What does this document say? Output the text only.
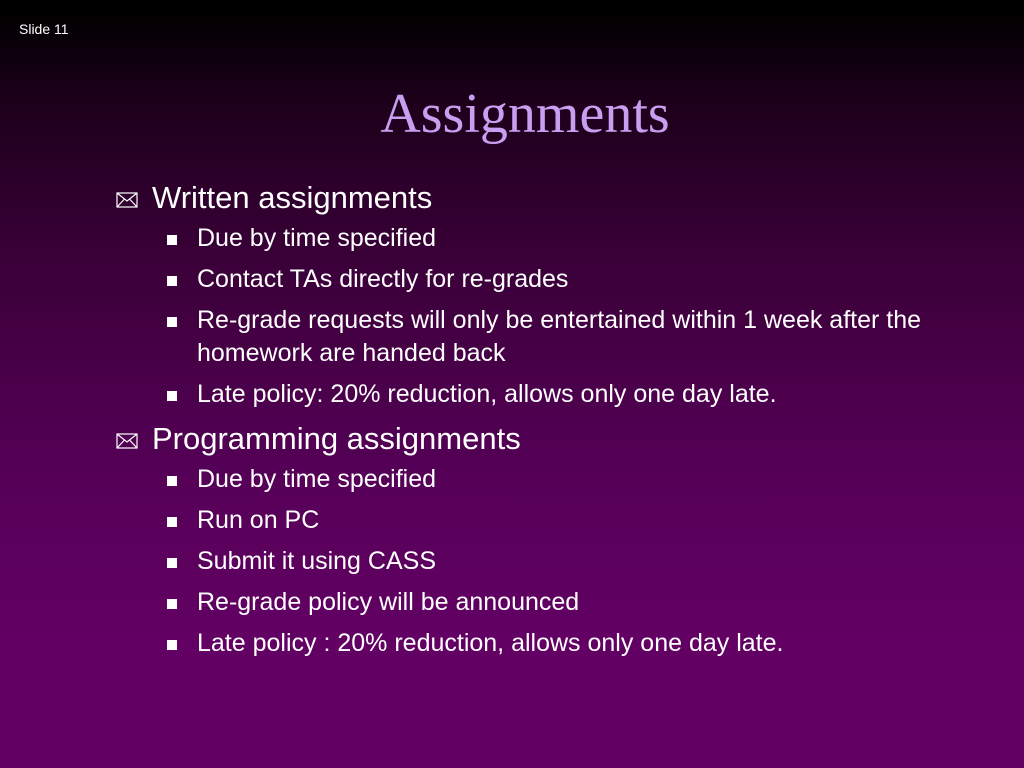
Slide 11
Assignments
Written assignments
Due by time specified
Contact TAs directly for re-grades
Re-grade requests will only be entertained within 1 week after the homework are handed back
Late policy: 20% reduction, allows only one day late.
Programming assignments
Due by time specified
Run on PC
Submit it using CASS
Re-grade policy will be announced
Late policy : 20% reduction, allows only one day late.
